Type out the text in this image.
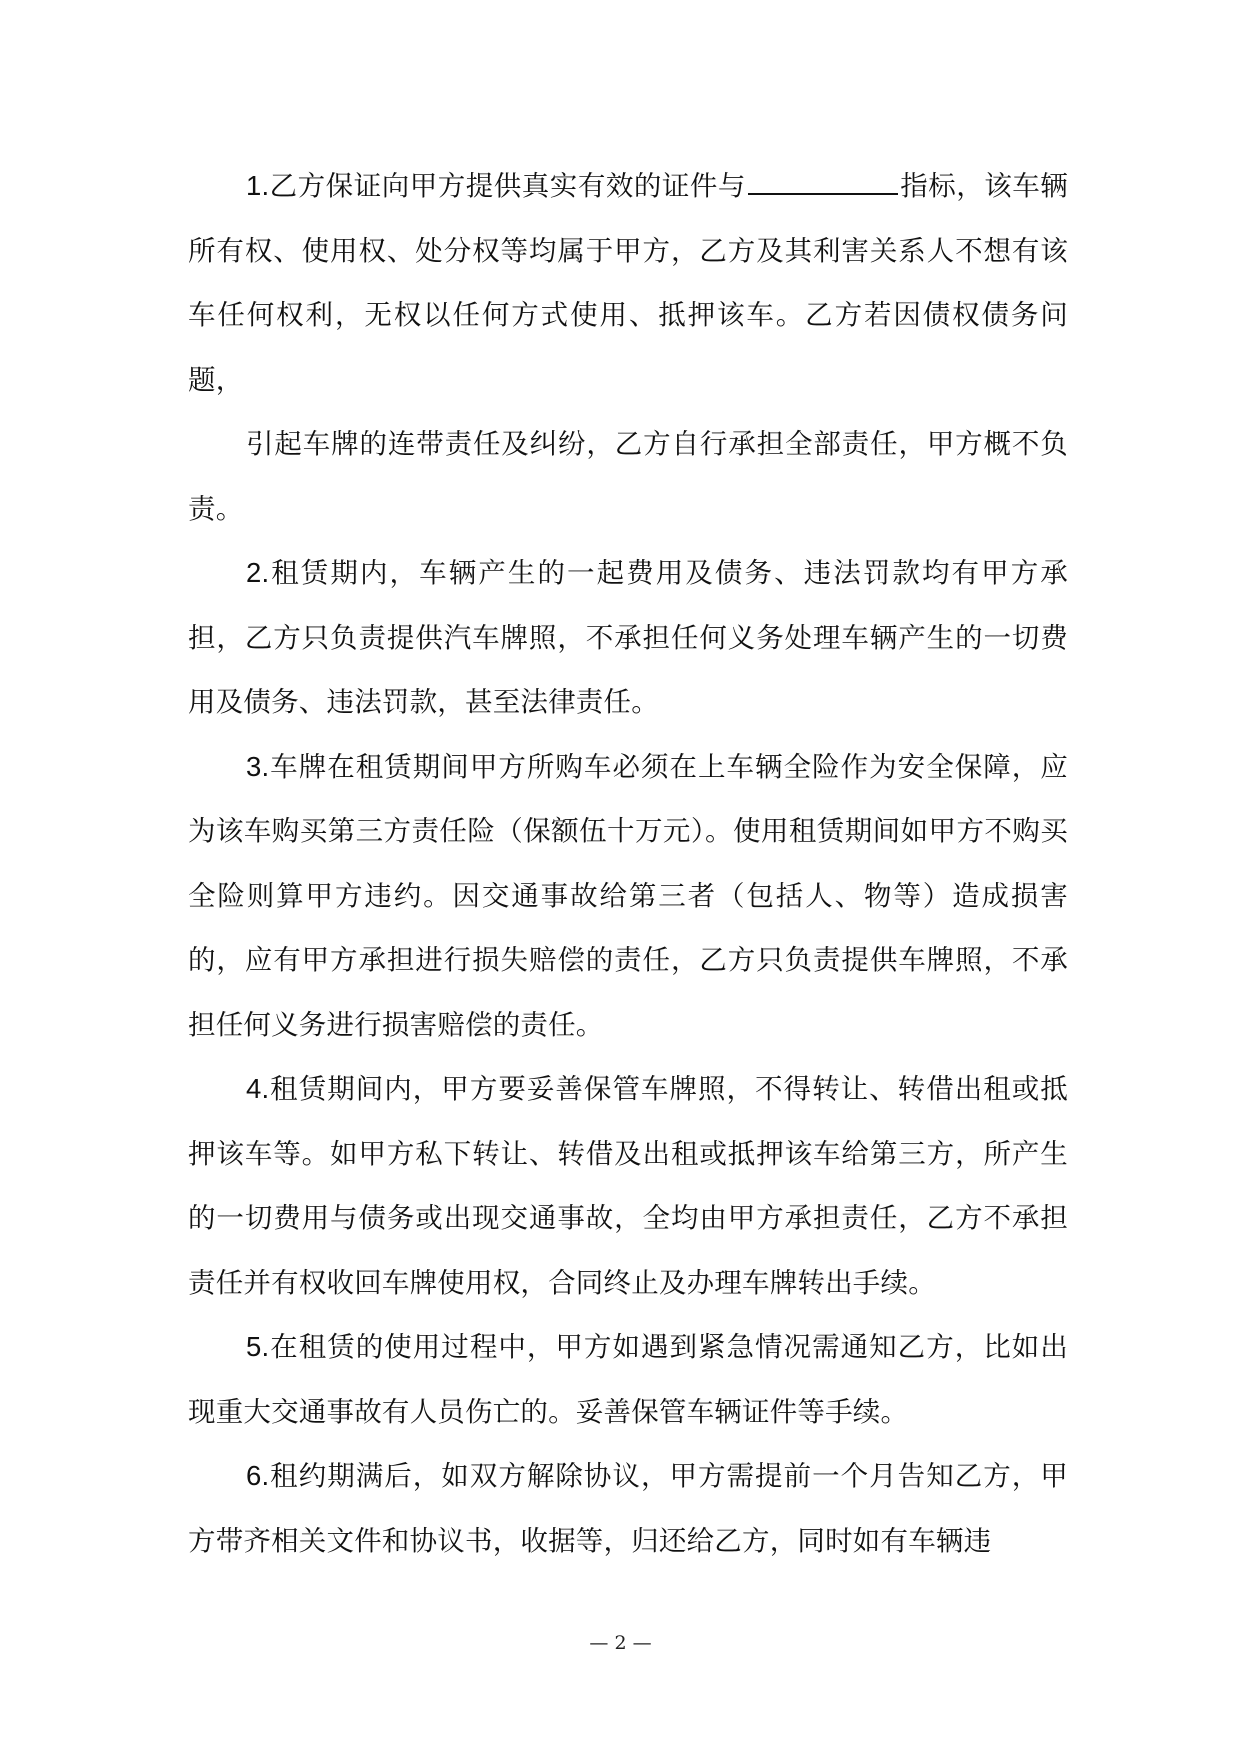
1.乙方保证向甲方提供真实有效的证件与	指标，该车辆所有权、使用权、处分权等均属于甲方，乙方及其利害关系人不想有该车任何权利，无权以任何方式使用、抵押该车。乙方若因债权债务问题，

引起车牌的连带责任及纠纷，乙方自行承担全部责任，甲方概不负责。

2.租赁期内，车辆产生的一起费用及债务、违法罚款均有甲方承担，乙方只负责提供汽车牌照，不承担任何义务处理车辆产生的一切费用及债务、违法罚款，甚至法律责任。

3.车牌在租赁期间甲方所购车必须在上车辆全险作为安全保障，应为该车购买第三方责任险（保额伍十万元）。使用租赁期间如甲方不购买全险则算甲方违约。因交通事故给第三者（包括人、物等）造成损害的，应有甲方承担进行损失赔偿的责任，乙方只负责提供车牌照，不承担任何义务进行损害赔偿的责任。

4.租赁期间内，甲方要妥善保管车牌照，不得转让、转借出租或抵押该车等。如甲方私下转让、转借及出租或抵押该车给第三方，所产生的一切费用与债务或出现交通事故，全均由甲方承担责任，乙方不承担责任并有权收回车牌使用权，合同终止及办理车牌转出手续。

5.在租赁的使用过程中，甲方如遇到紧急情况需通知乙方，比如出现重大交通事故有人员伤亡的。妥善保管车辆证件等手续。

6.租约期满后，如双方解除协议，甲方需提前一个月告知乙方，甲方带齐相关文件和协议书，收据等，归还给乙方，同时如有车辆违

— 2 —
